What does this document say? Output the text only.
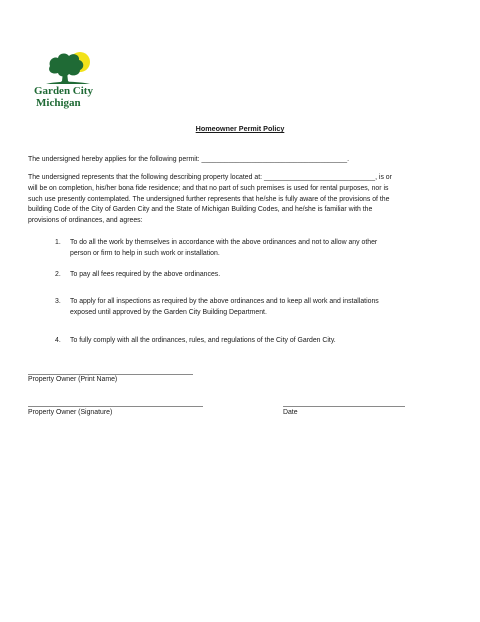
Garden City
Michigan
Homeowner Permit Policy
The undersigned hereby applies for the following permit: ______________________________________.
The undersigned represents that the following describing property located at: _____________________________, is or
will be on completion, his/her bona fide residence; and that no part of such premises is used for rental purposes, nor is
such use presently contemplated. The undersigned further represents that he/she is fully aware of the provisions of the
building Code of the City of Garden City and the State of Michigan Building Codes, and he/she is familiar with the
provisions of ordinances, and agrees:
1. To do all the work by themselves in accordance with the above ordinances and not to allow any other
person or firm to help in such work or installation.
2. To pay all fees required by the above ordinances.
3. To apply for all inspections as required by the above ordinances and to keep all work and installations
exposed until approved by the Garden City Building Department.
4. To fully comply with all the ordinances, rules, and regulations of the City of Garden City.
Property Owner (Print Name)
Property Owner (Signature)	Date
